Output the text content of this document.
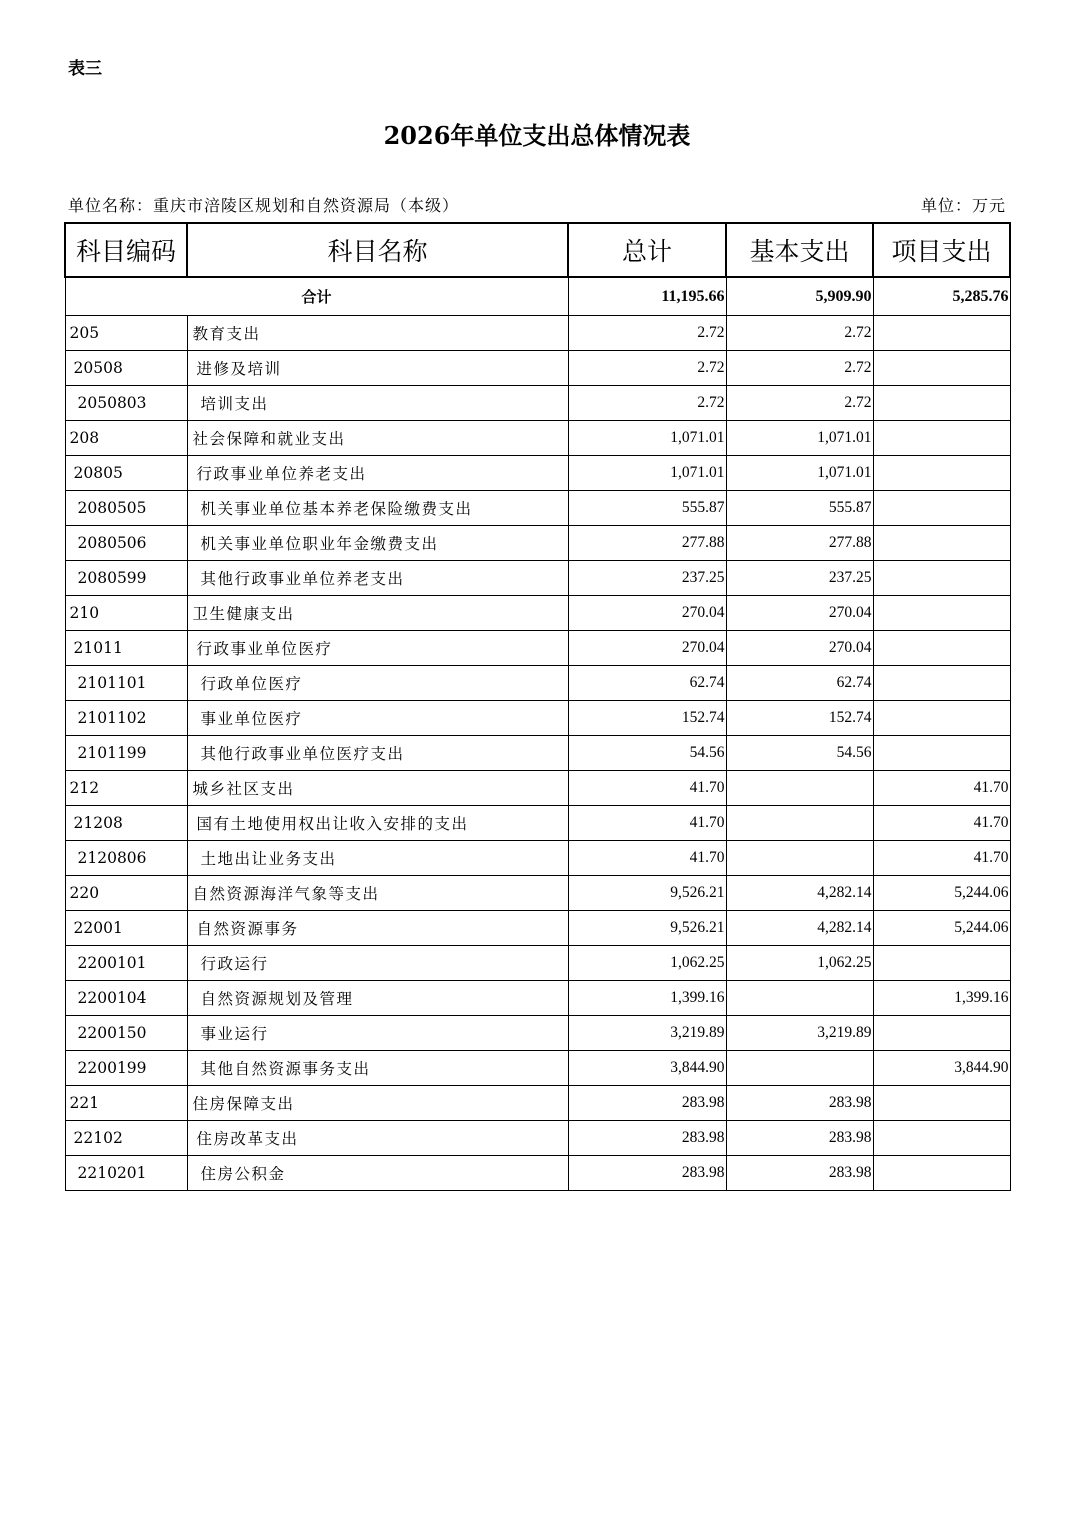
表三
2026年单位支出总体情况表
单位名称：重庆市涪陵区规划和自然资源局（本级）	单位：万元
科目编码	科目名称	总计	基本支出	项目支出
合计		11,195.66	5,909.90	5,285.76
205	教育支出	2.72	2.72	
20508	进修及培训	2.72	2.72	
2050803	培训支出	2.72	2.72	
208	社会保障和就业支出	1,071.01	1,071.01	
20805	行政事业单位养老支出	1,071.01	1,071.01	
2080505	机关事业单位基本养老保险缴费支出	555.87	555.87	
2080506	机关事业单位职业年金缴费支出	277.88	277.88	
2080599	其他行政事业单位养老支出	237.25	237.25	
210	卫生健康支出	270.04	270.04	
21011	行政事业单位医疗	270.04	270.04	
2101101	行政单位医疗	62.74	62.74	
2101102	事业单位医疗	152.74	152.74	
2101199	其他行政事业单位医疗支出	54.56	54.56	
212	城乡社区支出	41.70		41.70
21208	国有土地使用权出让收入安排的支出	41.70		41.70
2120806	土地出让业务支出	41.70		41.70
220	自然资源海洋气象等支出	9,526.21	4,282.14	5,244.06
22001	自然资源事务	9,526.21	4,282.14	5,244.06
2200101	行政运行	1,062.25	1,062.25	
2200104	自然资源规划及管理	1,399.16		1,399.16
2200150	事业运行	3,219.89	3,219.89	
2200199	其他自然资源事务支出	3,844.90		3,844.90
221	住房保障支出	283.98	283.98	
22102	住房改革支出	283.98	283.98	
2210201	住房公积金	283.98	283.98	
